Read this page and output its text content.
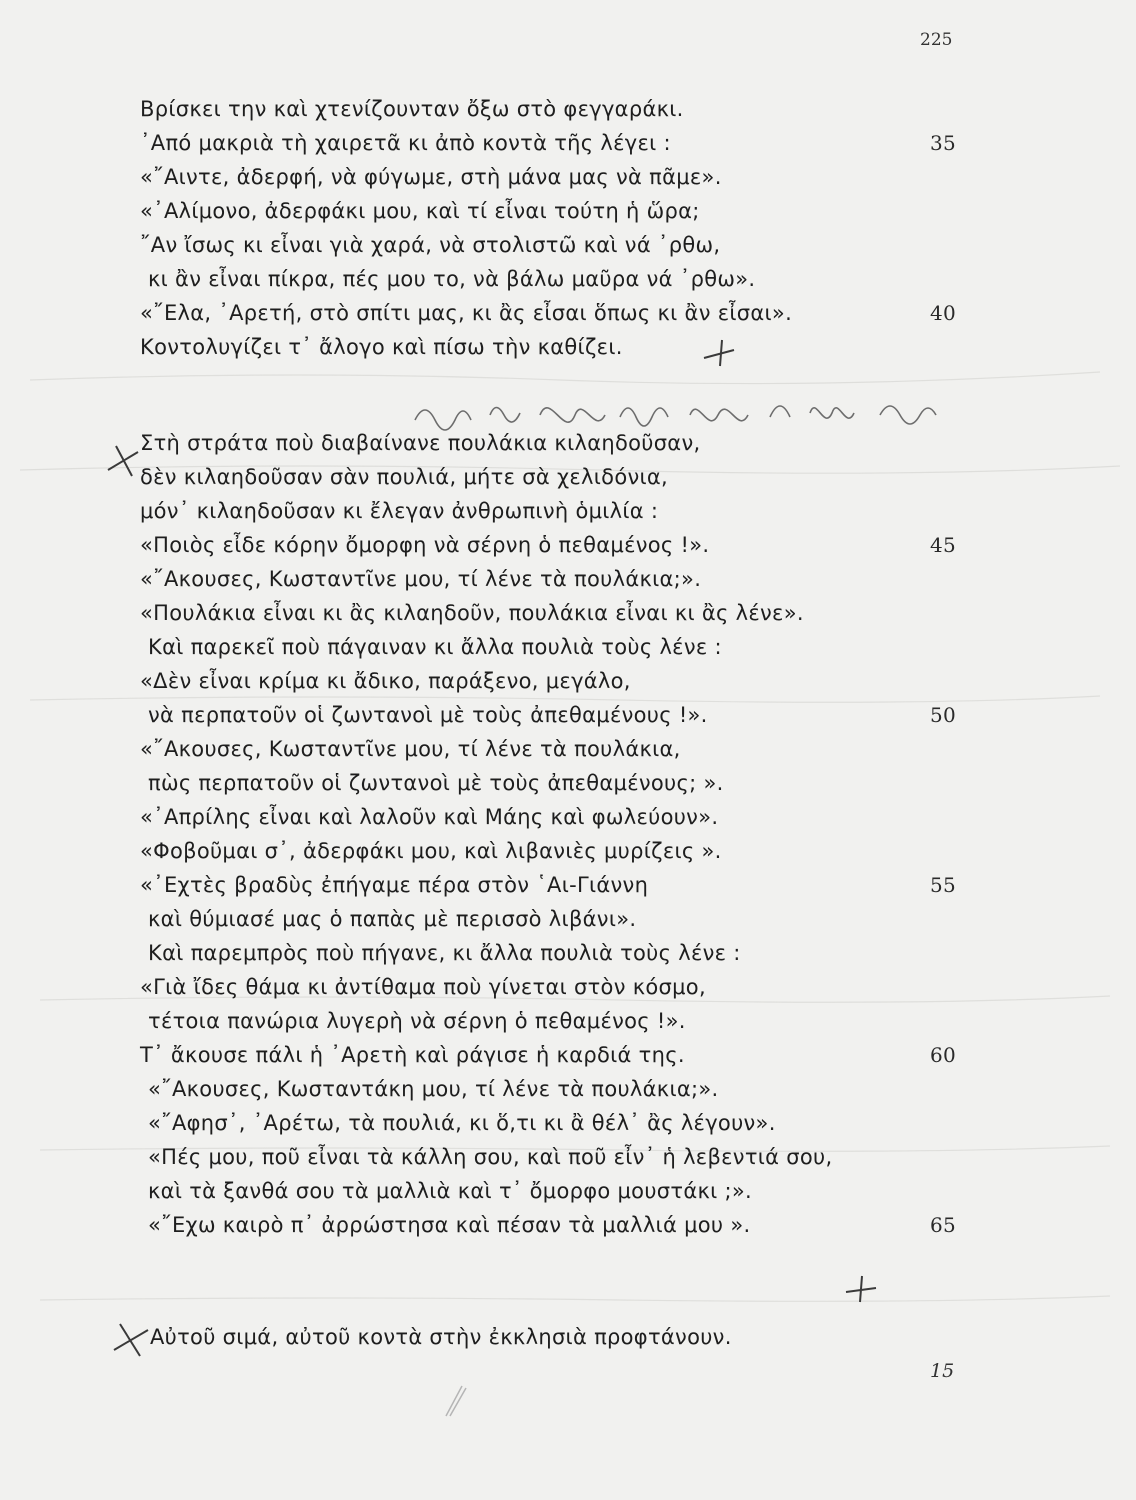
225
Βρίσκει την καὶ χτενίζουνταν ὄξω στὸ φεγγαράκι.
᾿Από μακριὰ τὴ χαιρετᾶ κι ἀπὸ κοντὰ τῆς λέγει :	35
«῎Αιντε, ἀδερφή, νὰ φύγωμε, στὴ μάνα μας νὰ πᾶμε».
«᾿Αλίμονο, ἀδερφάκι μου, καὶ τί εἶναι τούτη ἡ ὥρα;
῎Αν ἴσως κι εἶναι γιὰ χαρά, νὰ στολιστῶ καὶ νά ᾿ρθω,
κι ἂν εἶναι πίκρα, πές μου το, νὰ βάλω μαῦρα νά ᾿ρθω».
«῎Ελα, ᾿Αρετή, στὸ σπίτι μας, κι ἂς εἶσαι ὅπως κι ἂν εἶσαι».	40
Κοντολυγίζει τ᾿ ἄλογο καὶ πίσω τὴν καθίζει.
Στὴ στράτα ποὺ διαβαίνανε πουλάκια κιλαηδοῦσαν,
δὲν κιλαηδοῦσαν σὰν πουλιά, μήτε σὰ χελιδόνια,
μόν᾿ κιλαηδοῦσαν κι ἔλεγαν ἀνθρωπινὴ ὁμιλία :
«Ποιὸς εἶδε κόρην ὄμορφη νὰ σέρνη ὁ πεθαμένος !».	45
«῎Ακουσες, Κωσταντῖνε μου, τί λένε τὰ πουλάκια;».
«Πουλάκια εἶναι κι ἂς κιλαηδοῦν, πουλάκια εἶναι κι ἂς λένε».
Καὶ παρεκεῖ ποὺ πάγαιναν κι ἄλλα πουλιὰ τοὺς λένε :
«Δὲν εἶναι κρίμα κι ἄδικο, παράξενο, μεγάλο,
νὰ περπατοῦν οἱ ζωντανοὶ μὲ τοὺς ἀπεθαμένους !».	50
«῎Ακουσες, Κωσταντῖνε μου, τί λένε τὰ πουλάκια,
πὼς περπατοῦν οἱ ζωντανοὶ μὲ τοὺς ἀπεθαμένους; ».
«᾿Απρίλης εἶναι καὶ λαλοῦν καὶ Μάης καὶ φωλεύουν».
«Φοβοῦμαι σ᾿, ἀδερφάκι μου, καὶ λιβανιὲς μυρίζεις ».
«᾿Εχτὲς βραδὺς ἐπήγαμε πέρα στὸν ῾Αι-Γιάννη	55
καὶ θύμιασέ μας ὁ παπὰς μὲ περισσὸ λιβάνι».
Καὶ παρεμπρὸς ποὺ πήγανε, κι ἄλλα πουλιὰ τοὺς λένε :
«Γιὰ ἴδες θάμα κι ἀντίθαμα ποὺ γίνεται στὸν κόσμο,
τέτοια πανώρια λυγερὴ νὰ σέρνη ὁ πεθαμένος !».
Τ᾿ ἄκουσε πάλι ἡ ᾿Αρετὴ καὶ ράγισε ἡ καρδιά της.	60
«῎Ακουσες, Κωσταντάκη μου, τί λένε τὰ πουλάκια;».
«῎Αφησ᾿, ᾿Αρέτω, τὰ πουλιά, κι ὅ,τι κι ἂ θέλ᾿ ἂς λέγουν».
«Πές μου, ποῦ εἶναι τὰ κάλλη σου, καὶ ποῦ εἶν᾿ ἡ λεβεντιά σου,
καὶ τὰ ξανθά σου τὰ μαλλιὰ καὶ τ᾿ ὄμορφο μουστάκι ;».
«῎Εχω καιρὸ π᾿ ἀρρώστησα καὶ πέσαν τὰ μαλλιά μου ».	65
Αὐτοῦ σιμά, αὐτοῦ κοντὰ στὴν ἐκκλησιὰ προφτάνουν.
15
